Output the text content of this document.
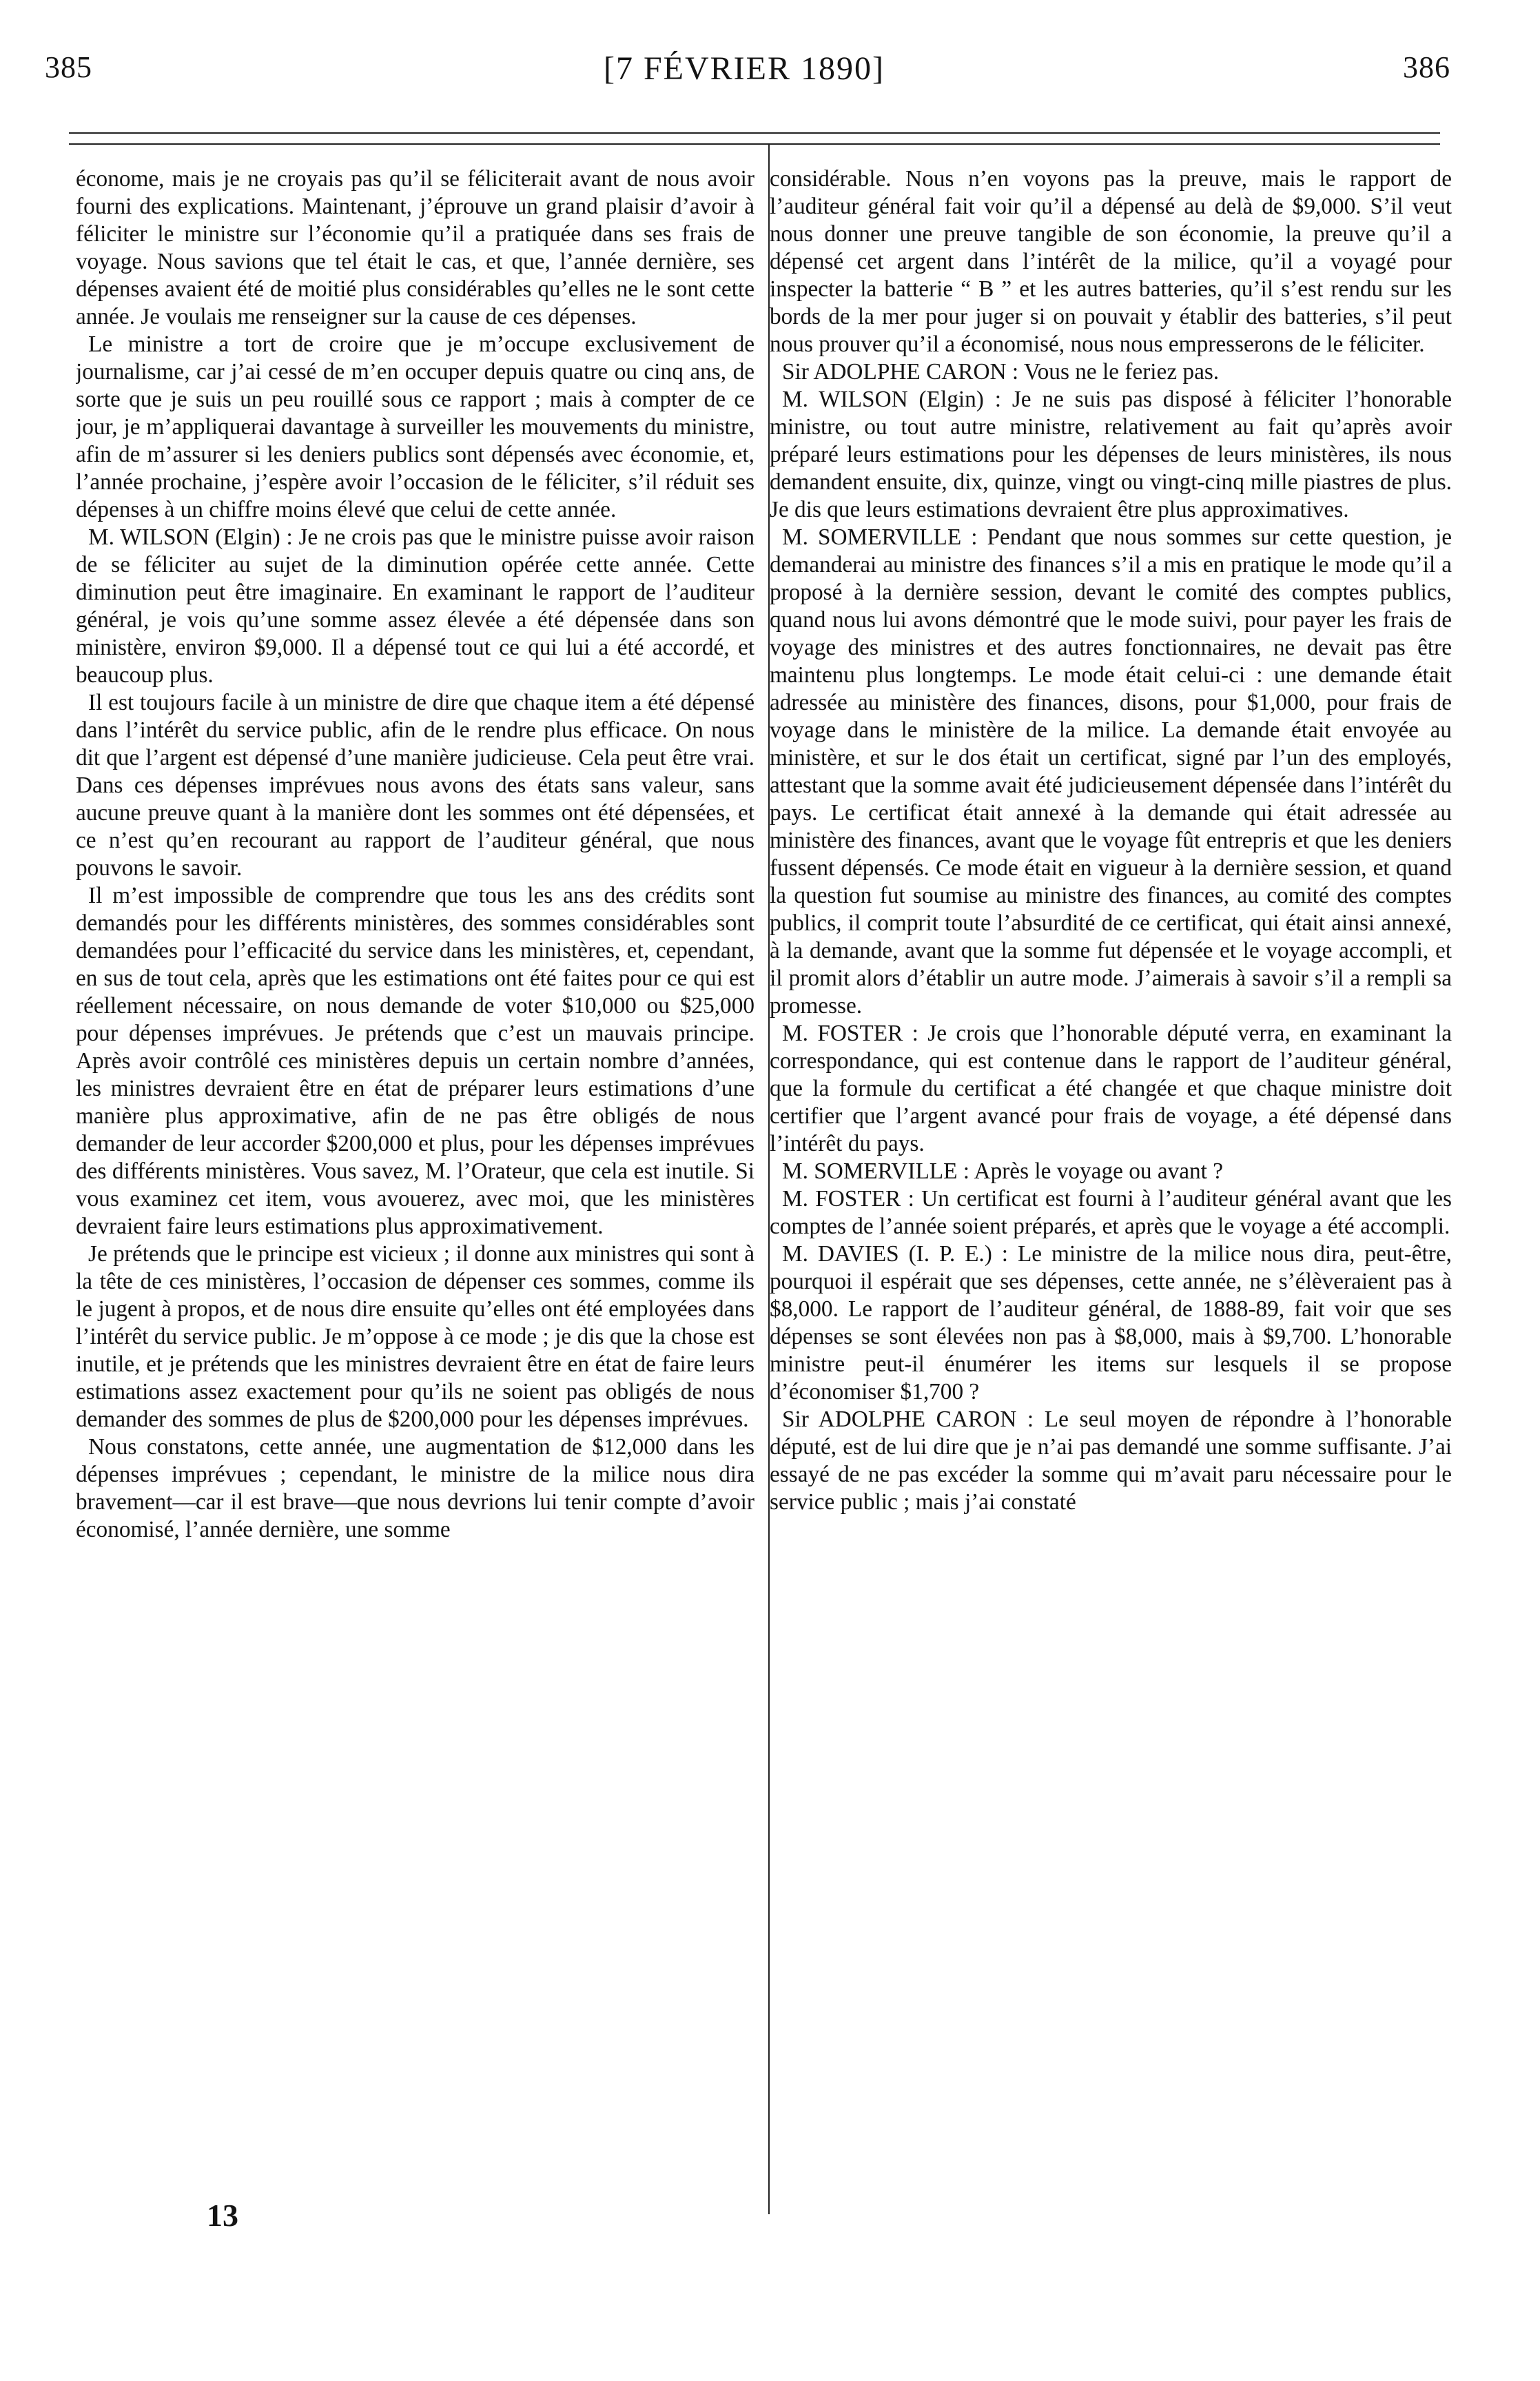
385	[7 FÉVRIER 1890]	386

économe, mais je ne croyais pas qu’il se féliciterait avant de nous avoir fourni des explications. Maintenant, j’éprouve un grand plaisir d’avoir à féliciter le ministre sur l’économie qu’il a pratiquée dans ses frais de voyage. Nous savions que tel était le cas, et que, l’année dernière, ses dépenses avaient été de moitié plus considérables qu’elles ne le sont cette année. Je voulais me renseigner sur la cause de ces dépenses.

Le ministre a tort de croire que je m’occupe exclusivement de journalisme, car j’ai cessé de m’en occuper depuis quatre ou cinq ans, de sorte que je suis un peu rouillé sous ce rapport ; mais à compter de ce jour, je m’appliquerai davantage à surveiller les mouvements du ministre, afin de m’assurer si les deniers publics sont dépensés avec économie, et, l’année prochaine, j’espère avoir l’occasion de le féliciter, s’il réduit ses dépenses à un chiffre moins élevé que celui de cette année.

M. WILSON (Elgin) : Je ne crois pas que le ministre puisse avoir raison de se féliciter au sujet de la diminution opérée cette année. Cette diminution peut être imaginaire. En examinant le rapport de l’auditeur général, je vois qu’une somme assez élevée a été dépensée dans son ministère, environ $9,000. Il a dépensé tout ce qui lui a été accordé, et beaucoup plus.

Il est toujours facile à un ministre de dire que chaque item a été dépensé dans l’intérêt du service public, afin de le rendre plus efficace. On nous dit que l’argent est dépensé d’une manière judicieuse. Cela peut être vrai. Dans ces dépenses imprévues nous avons des états sans valeur, sans aucune preuve quant à la manière dont les sommes ont été dépensées, et ce n’est qu’en recourant au rapport de l’auditeur général, que nous pouvons le savoir.

Il m’est impossible de comprendre que tous les ans des crédits sont demandés pour les différents ministères, des sommes considérables sont demandées pour l’efficacité du service dans les ministères, et, cependant, en sus de tout cela, après que les estimations ont été faites pour ce qui est réellement nécessaire, on nous demande de voter $10,000 ou $25,000 pour dépenses imprévues. Je prétends que c’est un mauvais principe. Après avoir contrôlé ces ministères depuis un certain nombre d’années, les ministres devraient être en état de préparer leurs estimations d’une manière plus approximative, afin de ne pas être obligés de nous demander de leur accorder $200,000 et plus, pour les dépenses imprévues des différents ministères. Vous savez, M. l’Orateur, que cela est inutile. Si vous examinez cet item, vous avouerez, avec moi, que les ministères devraient faire leurs estimations plus approximativement.

Je prétends que le principe est vicieux ; il donne aux ministres qui sont à la tête de ces ministères, l’occasion de dépenser ces sommes, comme ils le jugent à propos, et de nous dire ensuite qu’elles ont été employées dans l’intérêt du service public. Je m’oppose à ce mode ; je dis que la chose est inutile, et je prétends que les ministres devraient être en état de faire leurs estimations assez exactement pour qu’ils ne soient pas obligés de nous demander des sommes de plus de $200,000 pour les dépenses imprévues.

Nous constatons, cette année, une augmentation de $12,000 dans les dépenses imprévues ; cependant, le ministre de la milice nous dira bravement—car il est brave—que nous devrions lui tenir compte d’avoir économisé, l’année dernière, une somme

considérable. Nous n’en voyons pas la preuve, mais le rapport de l’auditeur général fait voir qu’il a dépensé au delà de $9,000. S’il veut nous donner une preuve tangible de son économie, la preuve qu’il a dépensé cet argent dans l’intérêt de la milice, qu’il a voyagé pour inspecter la batterie “ B ” et les autres batteries, qu’il s’est rendu sur les bords de la mer pour juger si on pouvait y établir des batteries, s’il peut nous prouver qu’il a économisé, nous nous empresserons de le féliciter.

Sir ADOLPHE CARON : Vous ne le feriez pas.

M. WILSON (Elgin) : Je ne suis pas disposé à féliciter l’honorable ministre, ou tout autre ministre, relativement au fait qu’après avoir préparé leurs estimations pour les dépenses de leurs ministères, ils nous demandent ensuite, dix, quinze, vingt ou vingt-cinq mille piastres de plus. Je dis que leurs estimations devraient être plus approximatives.

M. SOMERVILLE : Pendant que nous sommes sur cette question, je demanderai au ministre des finances s’il a mis en pratique le mode qu’il a proposé à la dernière session, devant le comité des comptes publics, quand nous lui avons démontré que le mode suivi, pour payer les frais de voyage des ministres et des autres fonctionnaires, ne devait pas être maintenu plus longtemps. Le mode était celui-ci : une demande était adressée au ministère des finances, disons, pour $1,000, pour frais de voyage dans le ministère de la milice. La demande était envoyée au ministère, et sur le dos était un certificat, signé par l’un des employés, attestant que la somme avait été judicieusement dépensée dans l’intérêt du pays. Le certificat était annexé à la demande qui était adressée au ministère des finances, avant que le voyage fût entrepris et que les deniers fussent dépensés. Ce mode était en vigueur à la dernière session, et quand la question fut soumise au ministre des finances, au comité des comptes publics, il comprit toute l’absurdité de ce certificat, qui était ainsi annexé, à la demande, avant que la somme fut dépensée et le voyage accompli, et il promit alors d’établir un autre mode. J’aimerais à savoir s’il a rempli sa promesse.

M. FOSTER : Je crois que l’honorable député verra, en examinant la correspondance, qui est contenue dans le rapport de l’auditeur général, que la formule du certificat a été changée et que chaque ministre doit certifier que l’argent avancé pour frais de voyage, a été dépensé dans l’intérêt du pays.

M. SOMERVILLE : Après le voyage ou avant ?

M. FOSTER : Un certificat est fourni à l’auditeur général avant que les comptes de l’année soient préparés, et après que le voyage a été accompli.

M. DAVIES (I. P. E.) : Le ministre de la milice nous dira, peut-être, pourquoi il espérait que ses dépenses, cette année, ne s’élèveraient pas à $8,000. Le rapport de l’auditeur général, de 1888-89, fait voir que ses dépenses se sont élevées non pas à $8,000, mais à $9,700. L’honorable ministre peut-il énumérer les items sur lesquels il se propose d’économiser $1,700 ?

Sir ADOLPHE CARON : Le seul moyen de répondre à l’honorable député, est de lui dire que je n’ai pas demandé une somme suffisante. J’ai essayé de ne pas excéder la somme qui m’avait paru nécessaire pour le service public ; mais j’ai constaté

13
